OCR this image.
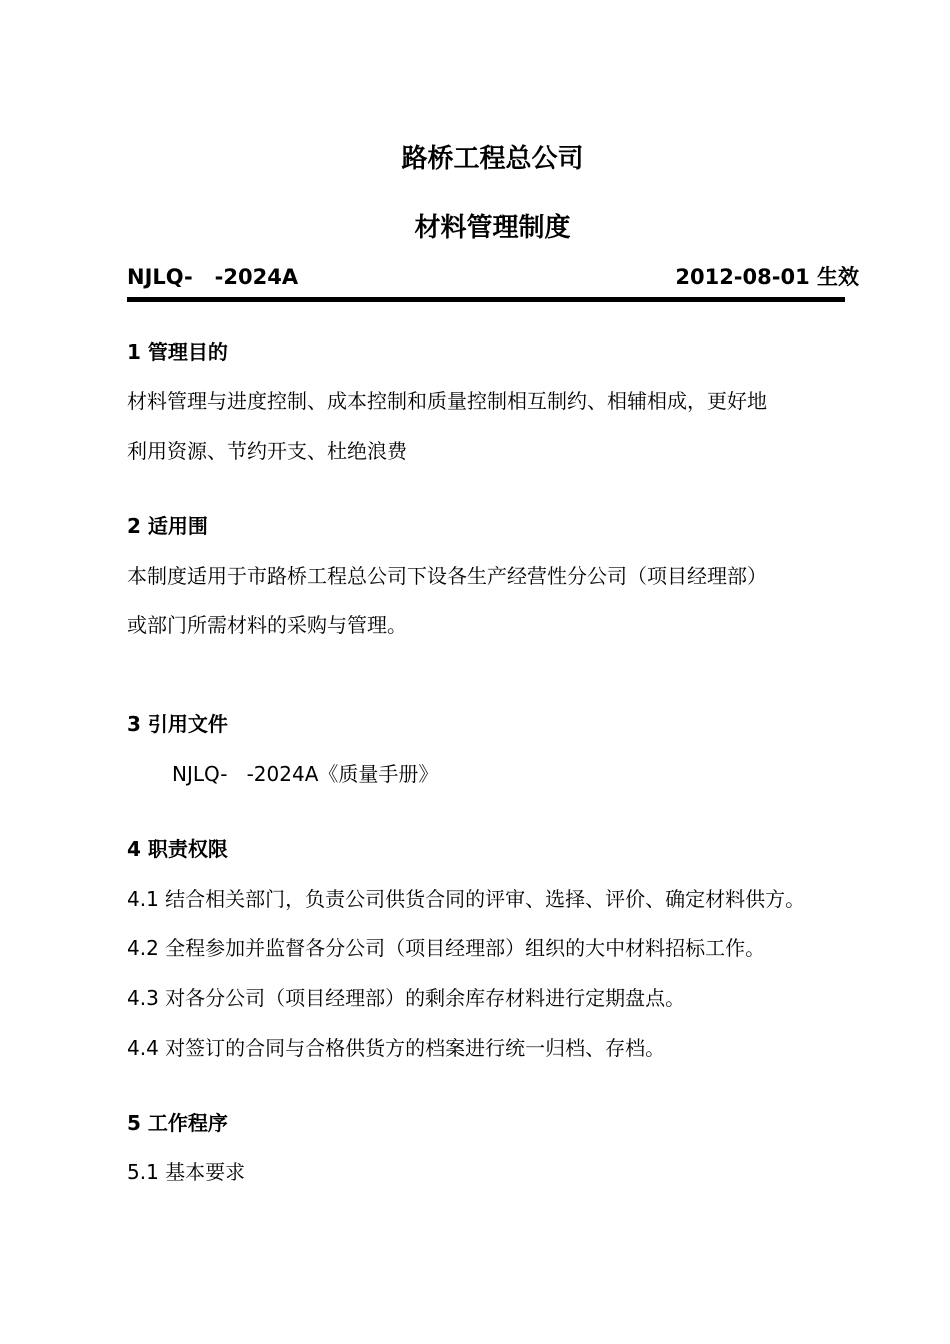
路桥工程总公司
材料管理制度
NJLQ-   -2024A	2012-08-01 生效
1 管理目的
材料管理与进度控制、成本控制和质量控制相互制约、相辅相成，更好地
利用资源、节约开支、杜绝浪费
2 适用围
本制度适用于市路桥工程总公司下设各生产经营性分公司（项目经理部）
或部门所需材料的采购与管理。
3 引用文件
NJLQ-   -2024A《质量手册》
4 职责权限
4.1 结合相关部门，负责公司供货合同的评审、选择、评价、确定材料供方。
4.2 全程参加并监督各分公司（项目经理部）组织的大中材料招标工作。
4.3 对各分公司（项目经理部）的剩余库存材料进行定期盘点。
4.4 对签订的合同与合格供货方的档案进行统一归档、存档。
5 工作程序
5.1 基本要求
